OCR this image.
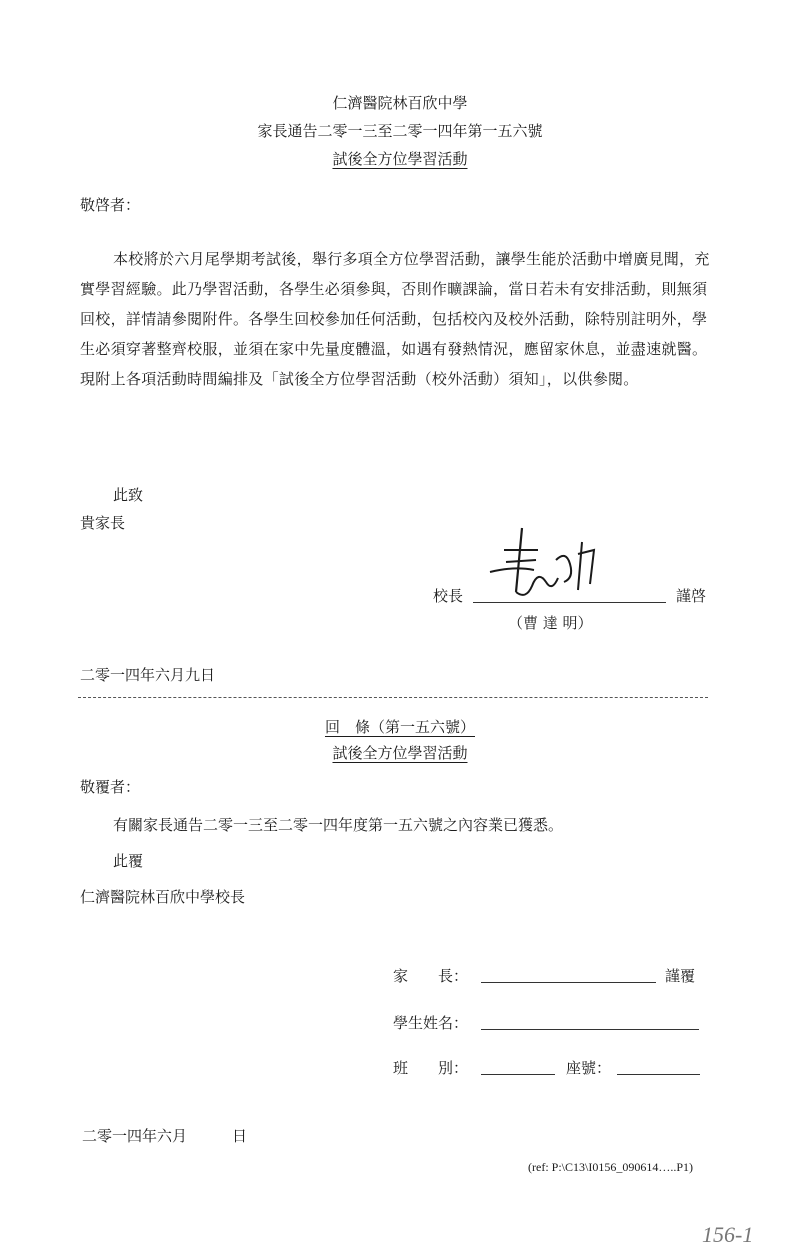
仁濟醫院林百欣中學
家長通告二零一三至二零一四年第一五六號
試後全方位學習活動
敬啓者：
本校將於六月尾學期考試後，舉行多項全方位學習活動，讓學生能於活動中增廣見聞，充實學習經驗。此乃學習活動，各學生必須參與，否則作曠課論，當日若未有安排活動，則無須回校，詳情請參閱附件。各學生回校參加任何活動，包括校內及校外活動，除特別註明外，學生必須穿著整齊校服，並須在家中先量度體溫，如遇有發熱情況，應留家休息，並盡速就醫。現附上各項活動時間編排及「試後全方位學習活動（校外活動）須知」，以供參閱。
此致
貴家長
校長	謹啓
（曹 達 明）
二零一四年六月九日
回　條（第一五六號）
試後全方位學習活動
敬覆者：
有關家長通告二零一三至二零一四年度第一五六號之內容業已獲悉。
此覆
仁濟醫院林百欣中學校長
家　　長：	謹覆
學生姓名：
班　　別：	座號：
二零一四年六月　　　日
(ref: P:\C13\I0156_090614…..P1)
156-1
